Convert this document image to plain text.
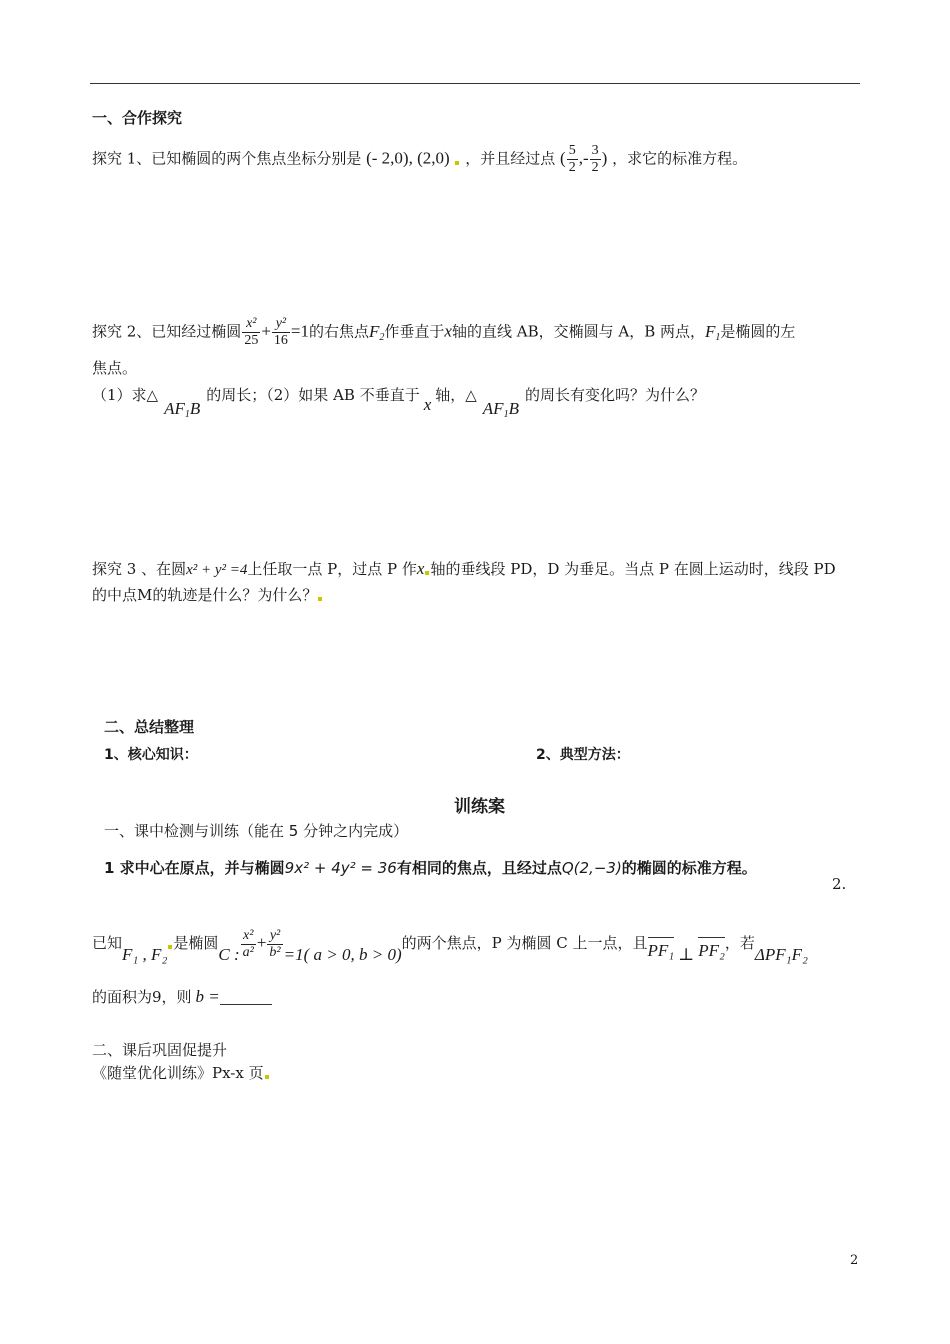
一、合作探究
探究 1、已知椭圆的两个焦点坐标分别是 (- 2,0), (2,0) ，并且经过点 ( $\frac{5}{2}$ ,- $\frac{3}{2}$ ) ，求它的标准方程。
探究 2、已知经过椭圆 $\frac{\text{x²}}{25} + \frac{\text{y²}}{16} =1$的右焦点$F_2$作垂直于x轴的直线 AB，交椭圆与 A，B 两点，$F_1$是椭圆的左
焦点。
（1）求$\triangle AF_1B$的周长；（2）如果 AB 不垂直于 x 轴，$\triangle AF_1B$的周长有变化吗？为什么？
探究 3 、在圆x² + y² =4上任取一点 P，过点 P 作x 轴的垂线段 PD，D 为垂足。当点 P 在圆上运动时，线段 PD
的中点M的轨迹是什么？为什么？
二、总结整理
1、核心知识：	2、典型方法：
训练案
一、课中检测与训练（能在 5 分钟之内完成）
1 求中心在原点，并与椭圆9x² + 4y² = 36有相同的焦点，且经过点Q(2,−3)的椭圆的标准方程。
2.
已知F₁ , F₂是椭圆C : $\frac{\text{x²}}{\text{a²}} + \frac{\text{y²}}{\text{b²}} =1$( a > 0, b > 0)的两个焦点，P 为椭圆 C 上一点，且PF₁ ⊥ PF₂，若ΔPF₁F₂
的面积为9，则 b =
二、课后巩固促提升
《随堂优化训练》Px-x 页
2
